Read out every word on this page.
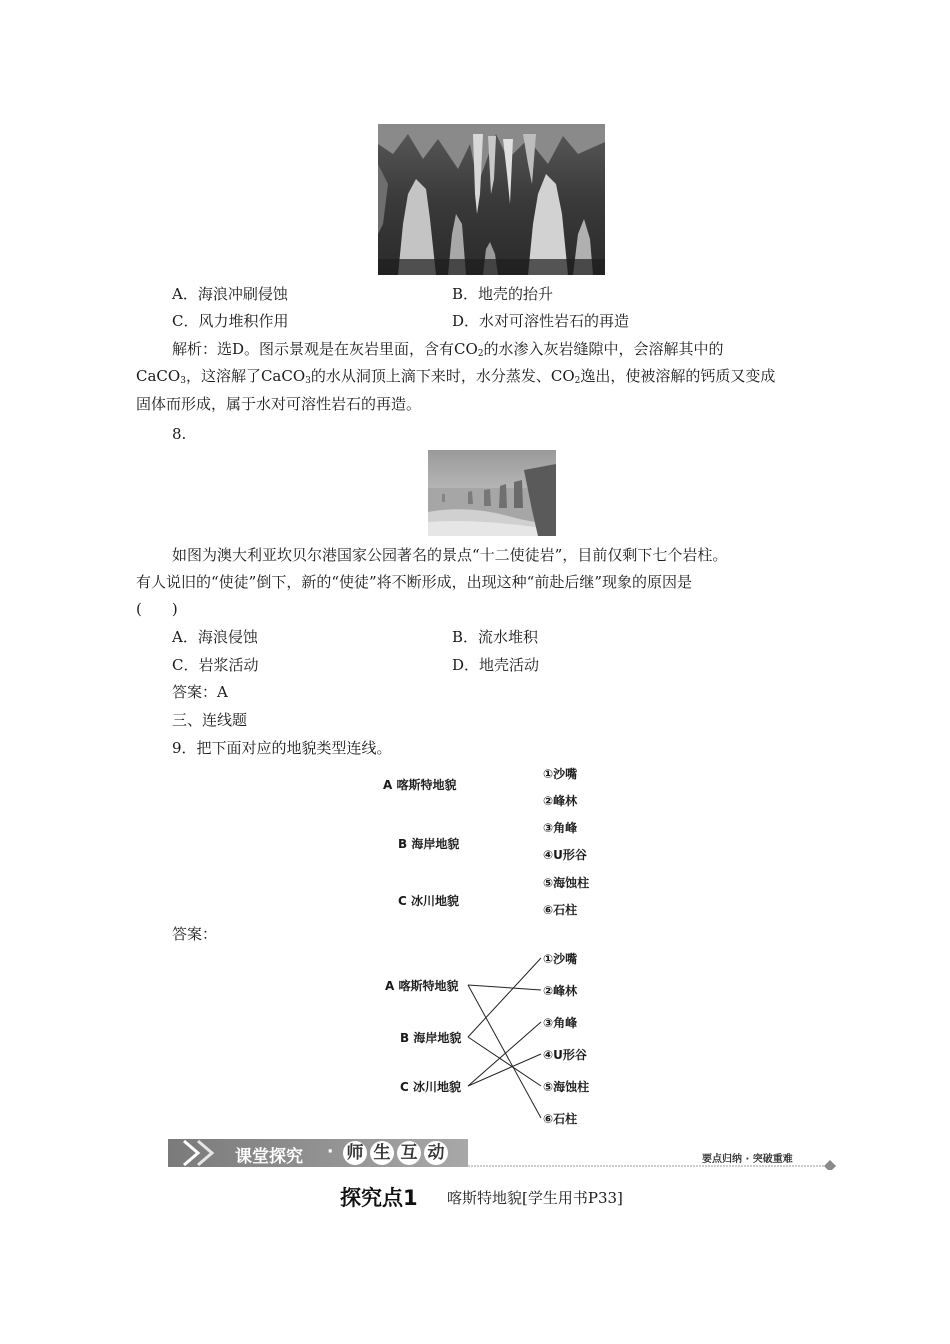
A．海浪冲刷侵蚀	B．地壳的抬升
C．风力堆积作用	D．水对可溶性岩石的再造
解析：选D。图示景观是在灰岩里面，含有$CO_2$的水渗入灰岩缝隙中，会溶解其中的
CaCO$_3$，这溶解了CaCO$_3$的水从洞顶上滴下来时，水分蒸发、$CO_2$逸出，使被溶解的钙质又变成
固体而形成，属于水对可溶性岩石的再造。
8.
如图为澳大利亚坎贝尔港国家公园著名的景点“十二使徒岩”，目前仅剩下七个岩柱。
有人说旧的“使徒”倒下，新的“使徒”将不断形成，出现这种“前赴后继”现象的原因是
(　　)
A．海浪侵蚀	B．流水堆积
C．岩浆活动	D．地壳活动
答案：A
三、连线题
9．把下面对应的地貌类型连线。
A 喀斯特地貌
B 海岸地貌
C 冰川地貌
①沙嘴
②峰林
③角峰
④U形谷
⑤海蚀柱
⑥石柱
答案：
A 喀斯特地貌
B 海岸地貌
C 冰川地貌
①沙嘴
②峰林
③角峰
④U形谷
⑤海蚀柱
⑥石柱
课堂探究 · 师 生 互 动	要点归纳 · 突破重难
探究点1 喀斯特地貌[学生用书P33]
